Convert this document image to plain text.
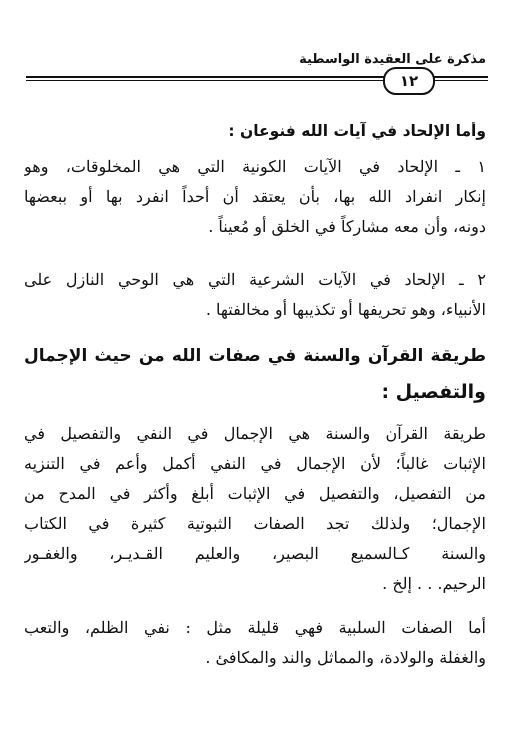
مذكرة على العقيدة الواسطية
١٢
وأما الإلحاد في آيات الله فنوعان :
١ ـ الإلحاد في الآيات الكونية التي هي المخلوقات، وهو
إنكار انفراد الله بها، بأن يعتقد أن أحداً انفرد بها أو ببعضها
دونه، وأن معه مشاركاً في الخلق أو مُعيناً .
٢ ـ الإلحاد في الآيات الشرعية التي هي الوحي النازل على
الأنبياء، وهو تحريفها أو تكذيبها أو مخالفتها .
طريقة القرآن والسنة في صفات الله من حيث الإجمال
والتفصيل :
طريقة القرآن والسنة هي الإجمال في النفي والتفصيل في
الإثبات غالباً؛ لأن الإجمال في النفي أكمل وأعم في التنزيه
من التفصيل، والتفصيل في الإثبات أبلغ وأكثر في المدح من
الإجمال؛ ولذلك تجد الصفات الثبوتية كثيرة في الكتاب
والسنة كـالسميع البصير، والعليم القـديـر، والغفـور
الرحيم. . . إلخ .
أما الصفات السلبية فهي قليلة مثل : نفي الظلم، والتعب
والغفلة والولادة، والمماثل والند والمكافئ .
